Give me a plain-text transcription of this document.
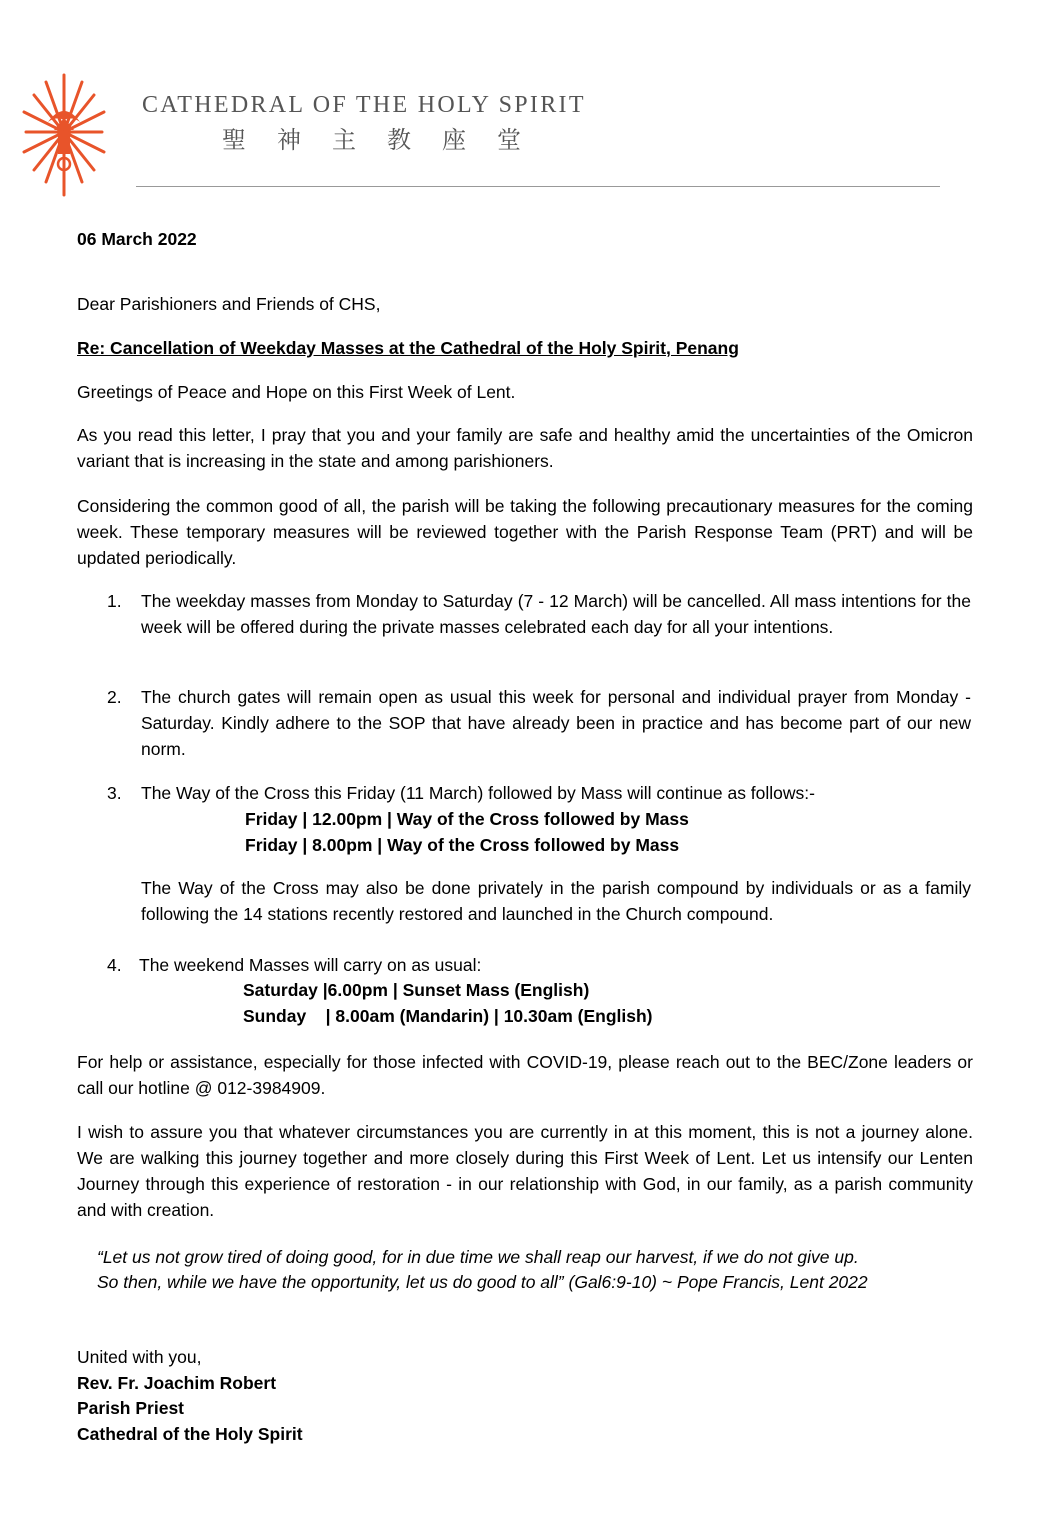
CATHEDRAL OF THE HOLY SPIRIT
聖神主教座堂

06 March 2022

Dear Parishioners and Friends of CHS,

Re: Cancellation of Weekday Masses at the Cathedral of the Holy Spirit, Penang

Greetings of Peace and Hope on this First Week of Lent.

As you read this letter, I pray that you and your family are safe and healthy amid the uncertainties of the Omicron variant that is increasing in the state and among parishioners.

Considering the common good of all, the parish will be taking the following precautionary measures for the coming week. These temporary measures will be reviewed together with the Parish Response Team (PRT) and will be updated periodically.

1. The weekday masses from Monday to Saturday (7 - 12 March) will be cancelled. All mass intentions for the week will be offered during the private masses celebrated each day for all your intentions.

2. The church gates will remain open as usual this week for personal and individual prayer from Monday - Saturday. Kindly adhere to the SOP that have already been in practice and has become part of our new norm.

3. The Way of the Cross this Friday (11 March) followed by Mass will continue as follows:-

Friday | 12.00pm | Way of the Cross followed by Mass
Friday | 8.00pm | Way of the Cross followed by Mass

The Way of the Cross may also be done privately in the parish compound by individuals or as a family following the 14 stations recently restored and launched in the Church compound.

4. The weekend Masses will carry on as usual:

Saturday |6.00pm | Sunset Mass (English)
Sunday    | 8.00am (Mandarin) | 10.30am (English)

For help or assistance, especially for those infected with COVID-19, please reach out to the BEC/Zone leaders or call our hotline @ 012-3984909.

I wish to assure you that whatever circumstances you are currently in at this moment, this is not a journey alone. We are walking this journey together and more closely during this First Week of Lent. Let us intensify our Lenten Journey through this experience of restoration - in our relationship with God, in our family, as a parish community and with creation.

“Let us not grow tired of doing good, for in due time we shall reap our harvest, if we do not give up.

So then, while we have the opportunity, let us do good to all” (Gal6:9-10) ~ Pope Francis, Lent 2022

United with you,
Rev. Fr. Joachim Robert
Parish Priest
Cathedral of the Holy Spirit
